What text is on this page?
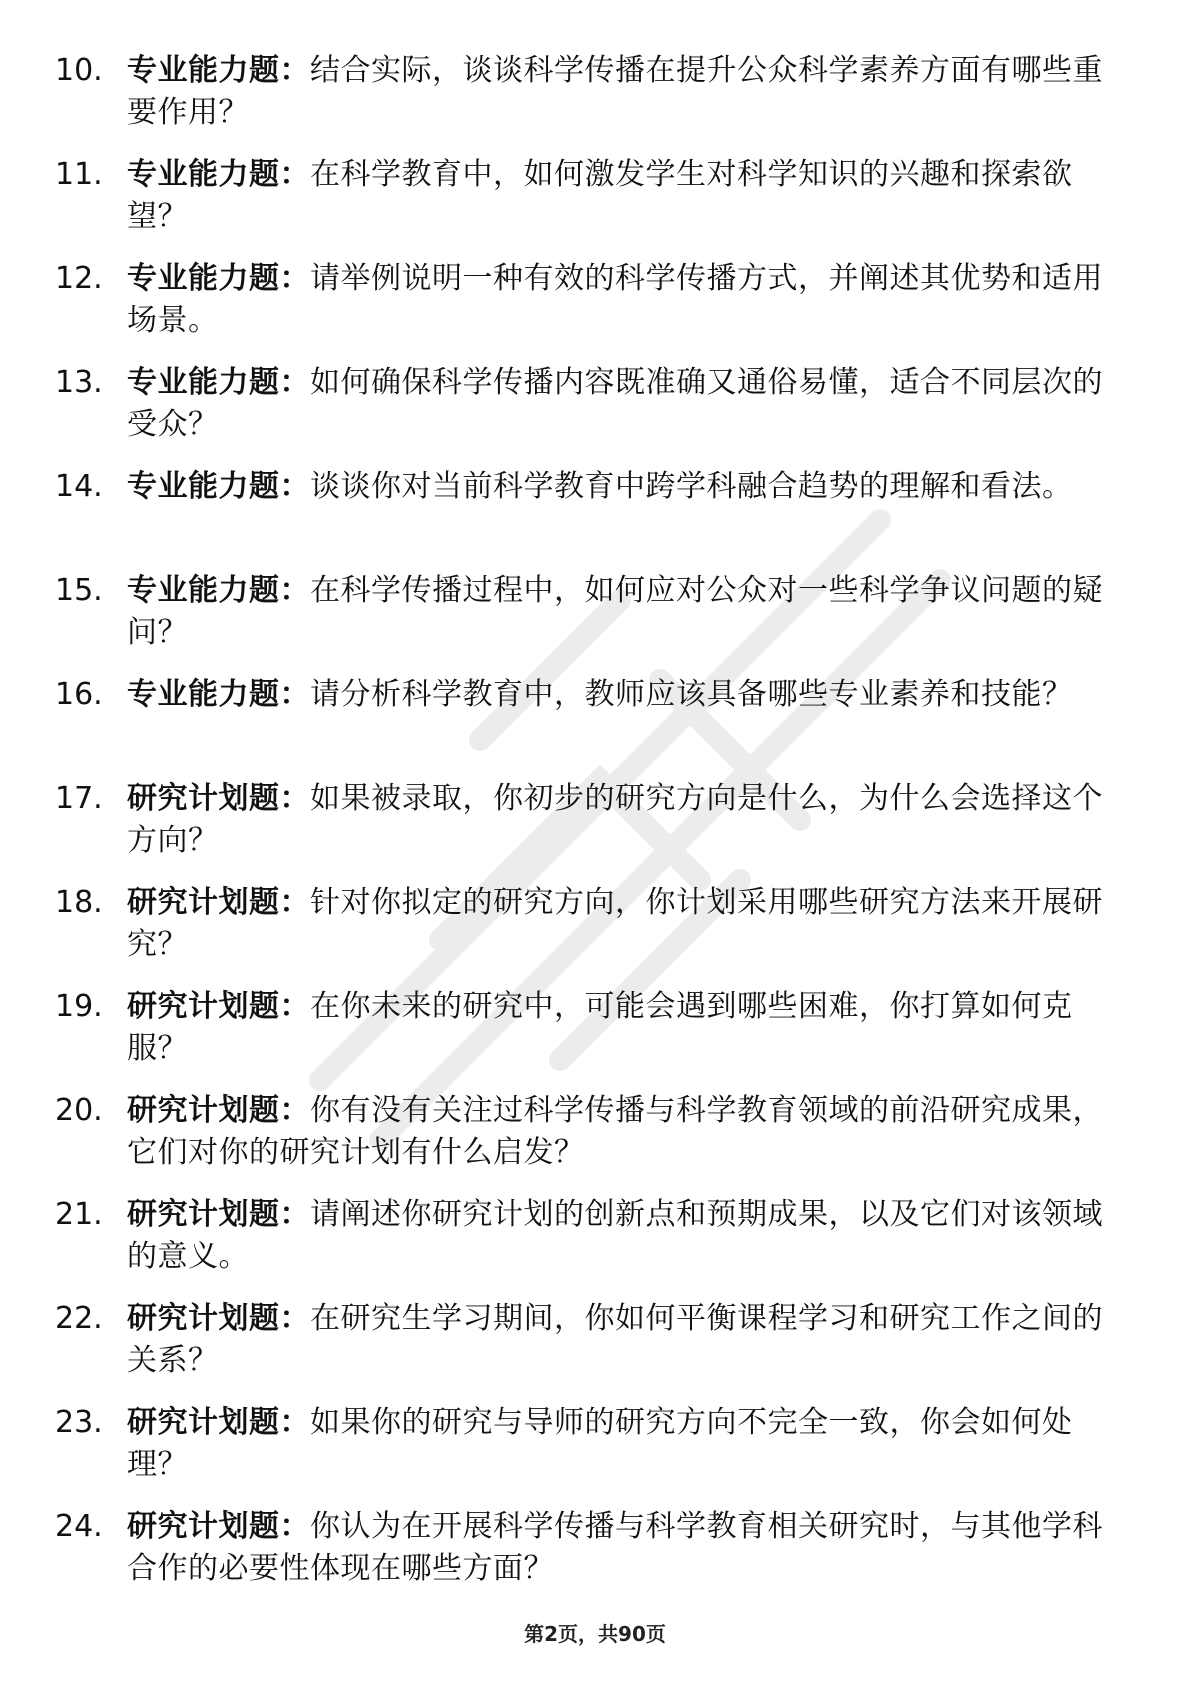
10. 专业能力题：结合实际，谈谈科学传播在提升公众科学素养方面有哪些重要作用？
11. 专业能力题：在科学教育中，如何激发学生对科学知识的兴趣和探索欲望？
12. 专业能力题：请举例说明一种有效的科学传播方式，并阐述其优势和适用场景。
13. 专业能力题：如何确保科学传播内容既准确又通俗易懂，适合不同层次的受众？
14. 专业能力题：谈谈你对当前科学教育中跨学科融合趋势的理解和看法。
15. 专业能力题：在科学传播过程中，如何应对公众对一些科学争议问题的疑问？
16. 专业能力题：请分析科学教育中，教师应该具备哪些专业素养和技能？
17. 研究计划题：如果被录取，你初步的研究方向是什么，为什么会选择这个方向？
18. 研究计划题：针对你拟定的研究方向，你计划采用哪些研究方法来开展研究？
19. 研究计划题：在你未来的研究中，可能会遇到哪些困难，你打算如何克服？
20. 研究计划题：你有没有关注过科学传播与科学教育领域的前沿研究成果，它们对你的研究计划有什么启发？
21. 研究计划题：请阐述你研究计划的创新点和预期成果，以及它们对该领域的意义。
22. 研究计划题：在研究生学习期间，你如何平衡课程学习和研究工作之间的关系？
23. 研究计划题：如果你的研究与导师的研究方向不完全一致，你会如何处理？
24. 研究计划题：你认为在开展科学传播与科学教育相关研究时，与其他学科合作的必要性体现在哪些方面？
第2页，共90页
